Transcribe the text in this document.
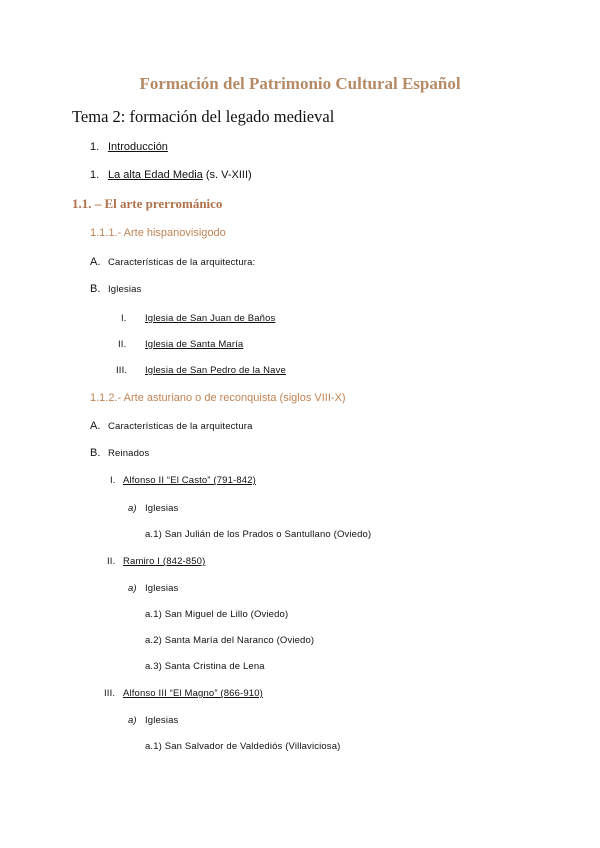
Formación del Patrimonio Cultural Español
Tema 2: formación del legado medieval
1. Introducción
1. La alta Edad Media (s. V-XIII)
1.1. – El arte prerrománico
1.1.1.- Arte hispanovisigodo
A. Características de la arquitectura:
B. Iglesias
I. Iglesia de San Juan de Baños
II. Iglesia de Santa María
III. Iglesia de San Pedro de la Nave
1.1.2.- Arte asturiano o de reconquista (siglos VIII-X)
A. Características de la arquitectura
B. Reinados
I. Alfonso II “El Casto” (791-842)
a) Iglesias
a.1) San Julián de los Prados o Santullano (Oviedo)
II. Ramiro I (842-850)
a) Iglesias
a.1) San Miguel de Lillo (Oviedo)
a.2) Santa María del Naranco (Oviedo)
a.3) Santa Cristina de Lena
III. Alfonso III “El Magno” (866-910)
a) Iglesias
a.1) San Salvador de Valdediós (Villaviciosa)
